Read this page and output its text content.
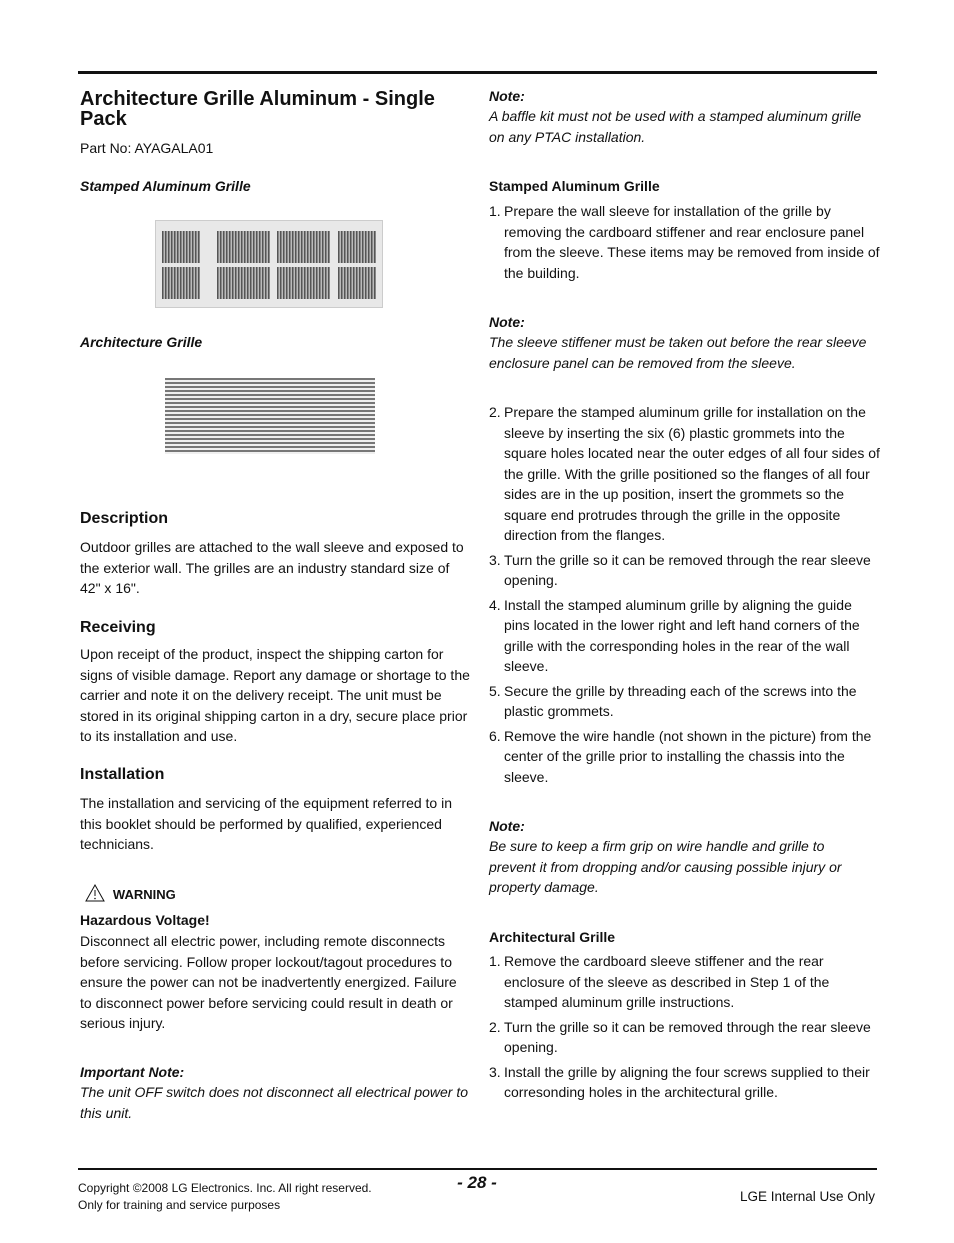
Architecture Grille Aluminum - Single Pack

Part No: AYAGALA01

Stamped Aluminum Grille

Architecture Grille

Description

Outdoor grilles are attached to the wall sleeve and exposed to the exterior wall. The grilles are an industry standard size of 42" x 16".

Receiving

Upon receipt of the product, inspect the shipping carton for signs of visible damage. Report any damage or shortage to the carrier and note it on the delivery receipt. The unit must be stored in its original shipping carton in a dry, secure place prior to its installation and use.

Installation

The installation and servicing of the equipment referred to in this booklet should be performed by qualified, experienced technicians.

WARNING

Hazardous Voltage!

Disconnect all electric power, including remote disconnects before servicing. Follow proper lockout/tagout procedures to ensure the power can not be inadvertently energized. Failure to disconnect power before servicing could result in death or serious injury.

Important Note:

The unit OFF switch does not disconnect all electrical power to this unit.

Note:

A baffle kit must not be used with a stamped aluminum grille on any PTAC installation.

Stamped Aluminum Grille

1. Prepare the wall sleeve for installation of the grille by removing the cardboard stiffener and rear enclosure panel from the sleeve. These items may be removed from inside of the building.

Note:

The sleeve stiffener must be taken out before the rear sleeve enclosure panel can be removed from the sleeve.

2. Prepare the stamped aluminum grille for installation on the sleeve by inserting the six (6) plastic grommets into the square holes located near the outer edges of all four sides of the grille. With the grille positioned so the flanges of all four sides are in the up position, insert the grommets so the square end protrudes through the grille in the opposite direction from the flanges.
3. Turn the grille so it can be removed through the rear sleeve opening.
4. Install the stamped aluminum grille by aligning the guide pins located in the lower right and left hand corners of the grille with the corresponding holes in the rear of the wall sleeve.
5. Secure the grille by threading each of the screws into the plastic grommets.
6. Remove the wire handle (not shown in the picture) from the center of the grille prior to installing the chassis into the sleeve.

Note:

Be sure to keep a firm grip on wire handle and grille to prevent it from dropping and/or causing possible injury or property damage.

Architectural Grille

1. Remove the cardboard sleeve stiffener and the rear enclosure of the sleeve as described in Step 1 of the stamped aluminum grille instructions.
2. Turn the grille so it can be removed through the rear sleeve opening.
3. Install the grille by aligning the four screws supplied to their corresonding holes in the architectural grille.

- 28 -

Copyright ©2008 LG Electronics. Inc. All right reserved.

Only for training and service purposes

LGE Internal Use Only
